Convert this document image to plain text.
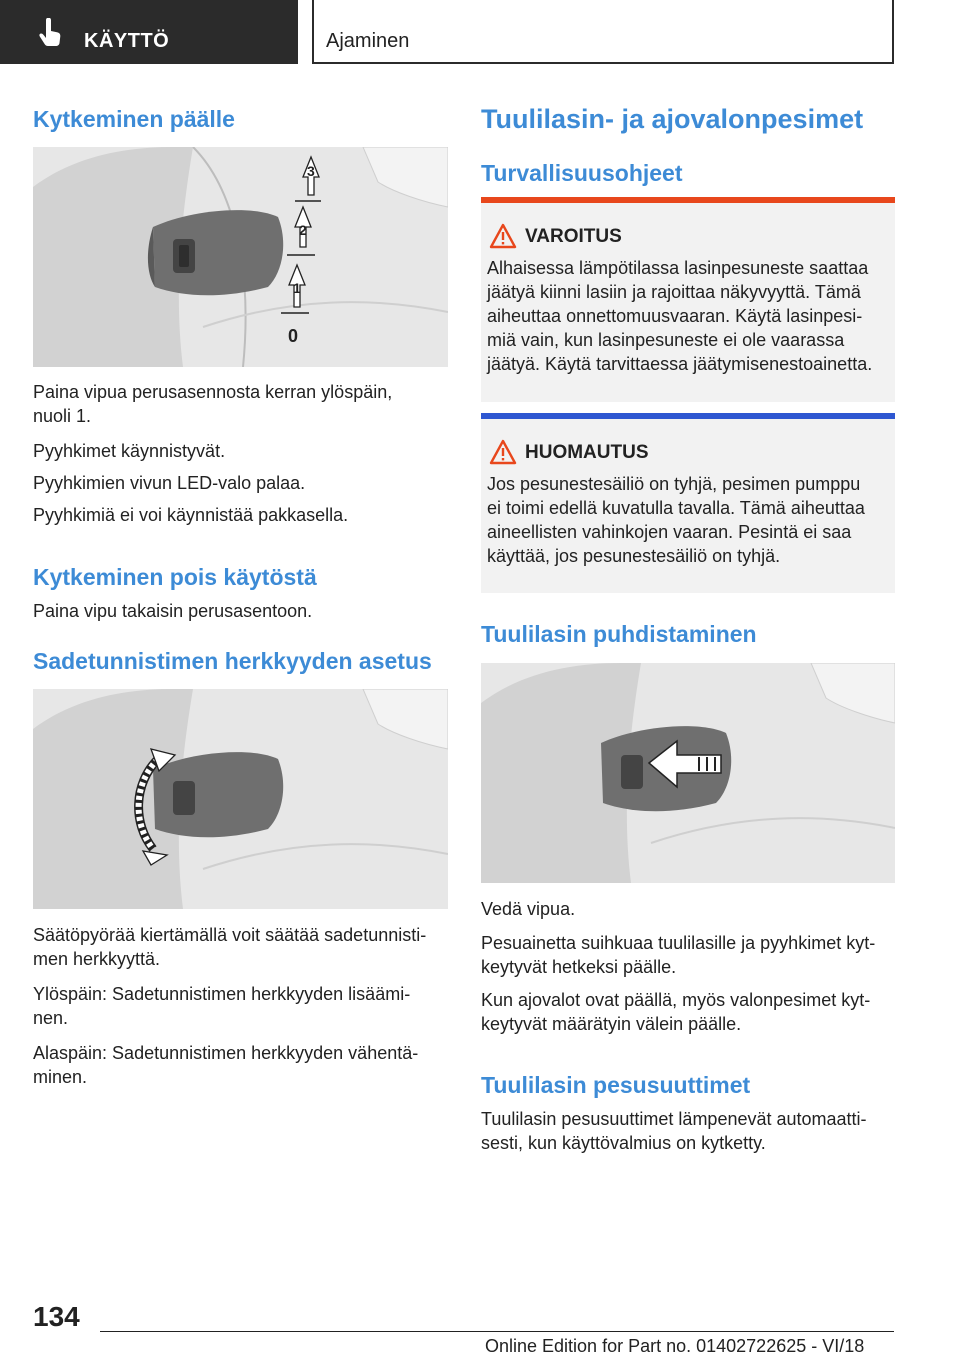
KÄYTTÖ	Ajaminen
Kytkeminen päälle
3
2
1
0

Paina vipua perusasennosta kerran ylöspäin,

nuoli 1.

Pyyhkimet käynnistyvät.

Pyyhkimien vivun LED-valo palaa.

Pyyhkimiä ei voi käynnistää pakkasella.

Kytkeminen pois käytöstä

Paina vipu takaisin perusasentoon.

Sadetunnistimen herkkyyden asetus

Säätöpyörää kiertämällä voit säätää sadetunnisti-

men herkkyyttä.

Ylöspäin: Sadetunnistimen herkkyyden lisäämi-

nen.

Alaspäin: Sadetunnistimen herkkyyden vähentä-

minen.

Tuulilasin- ja ajovalonpesimet
Turvallisuusohjeet
VAROITUS
Alhaisessa lämpötilassa lasinpesuneste saattaa
jäätyä kiinni lasiin ja rajoittaa näkyvyyttä. Tämä
aiheuttaa onnettomuusvaaran. Käytä lasinpesi-
miä vain, kun lasinpesuneste ei ole vaarassa
jäätyä. Käytä tarvittaessa jäätymisenestoainetta.
HUOMAUTUS
Jos pesunestesäiliö on tyhjä, pesimen pumppu
ei toimi edellä kuvatulla tavalla. Tämä aiheuttaa
aineellisten vahinkojen vaaran. Pesintä ei saa
käyttää, jos pesunestesäiliö on tyhjä.
Tuulilasin puhdistaminen

Vedä vipua.

Pesuainetta suihkuaa tuulilasille ja pyyhkimet kyt-

keytyvät hetkeksi päälle.

Kun ajovalot ovat päällä, myös valonpesimet kyt-

keytyvät määrätyin välein päälle.

Tuulilasin pesusuuttimet

Tuulilasin pesusuuttimet lämpenevät automaatti-

sesti, kun käyttövalmius on kytketty.

134
Online Edition for Part no. 01402722625 - VI/18
